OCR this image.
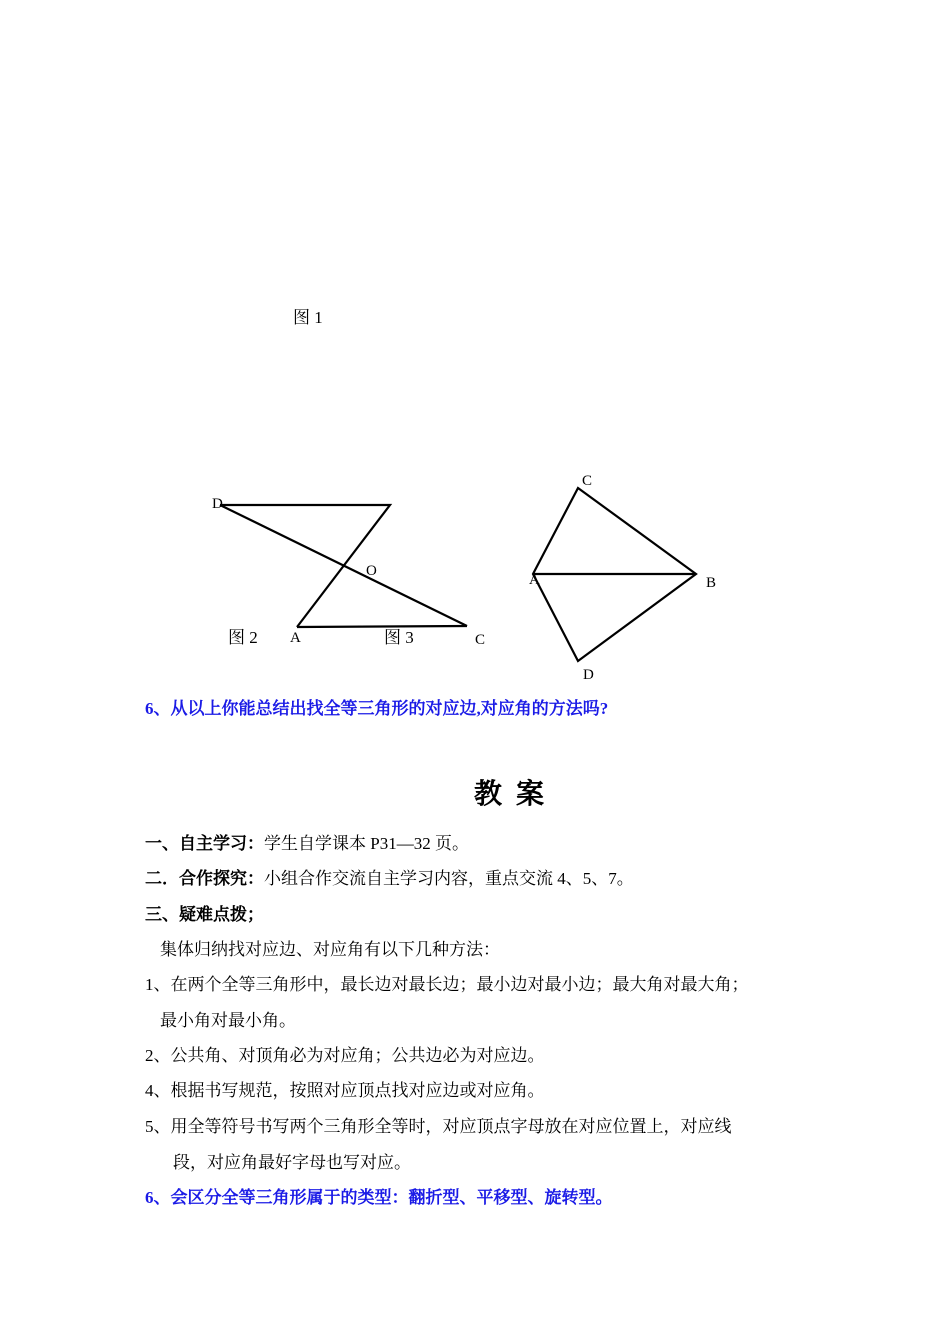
图 1
图 2	图 3
D
O
A	C
C
A	B
D
6、从以上你能总结出找全等三角形的对应边,对应角的方法吗?
教案
一、自主学习：学生自学课本 P31—32 页。
二．合作探究：小组合作交流自主学习内容，重点交流 4、5、7。
三、疑难点拨；
集体归纳找对应边、对应角有以下几种方法：
1、在两个全等三角形中，最长边对最长边；最小边对最小边；最大角对最大角；
最小角对最小角。
2、公共角、对顶角必为对应角；公共边必为对应边。
4、根据书写规范，按照对应顶点找对应边或对应角。
5、用全等符号书写两个三角形全等时，对应顶点字母放在对应位置上，对应线
段，对应角最好字母也写对应。
6、会区分全等三角形属于的类型：翻折型、平移型、旋转型。
